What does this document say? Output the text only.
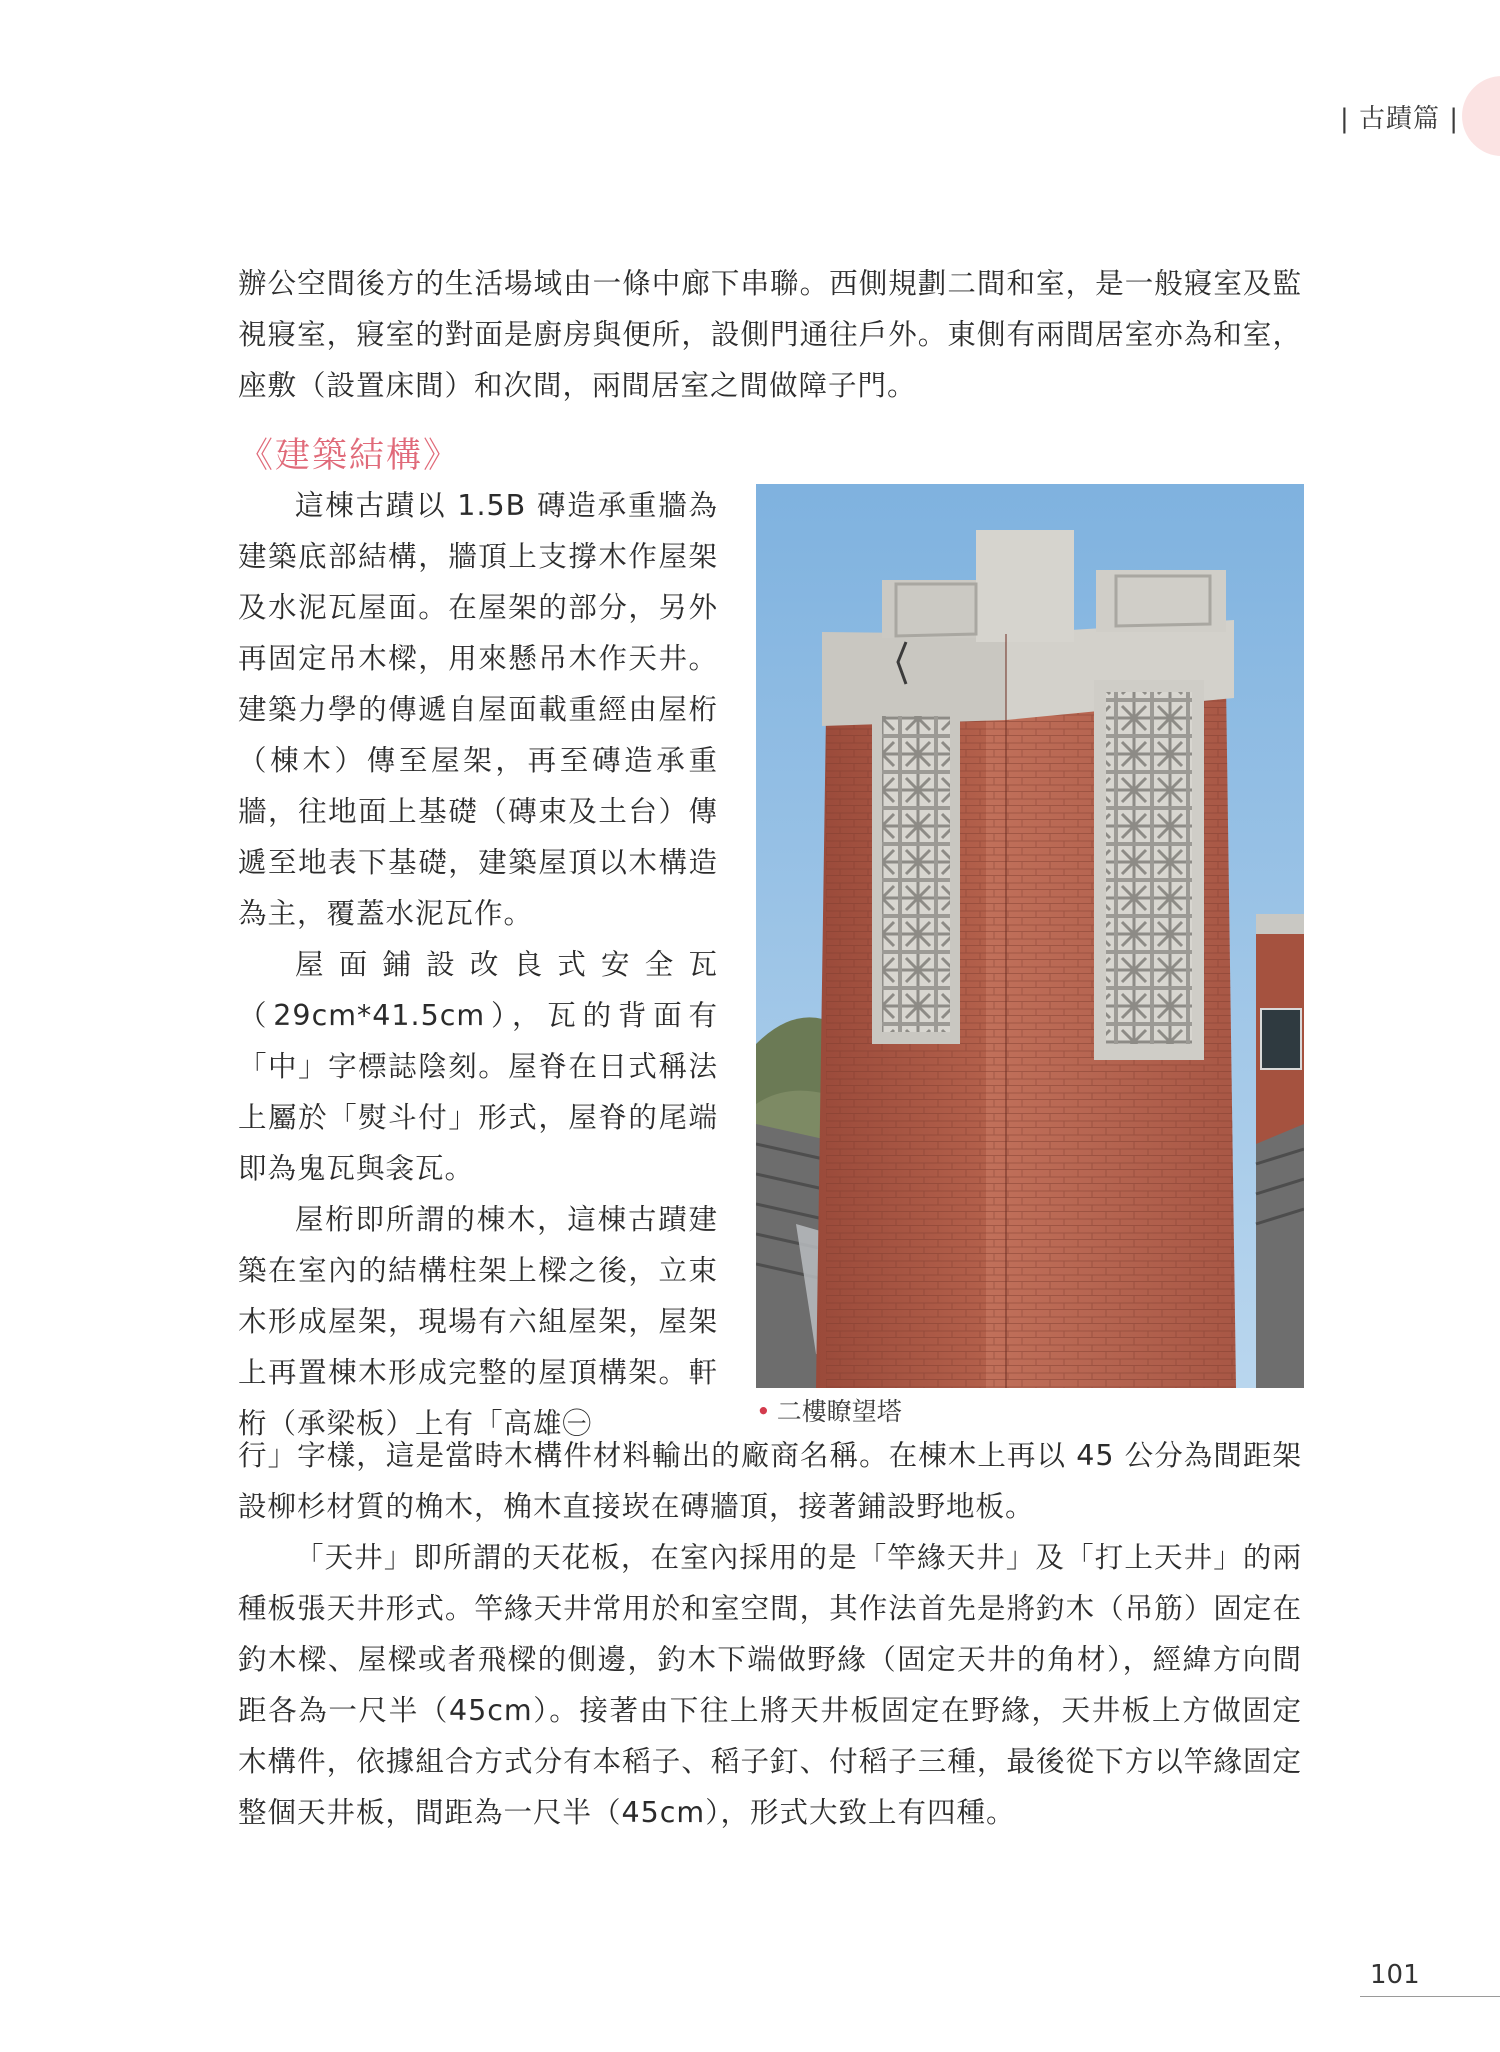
| 古蹟篇 |

辦公空間後方的生活場域由一條中廊下串聯。西側規劃二間和室，是一般寢室及監視寢室，寢室的對面是廚房與便所，設側門通往戶外。東側有兩間居室亦為和室，座敷（設置床間）和次間，兩間居室之間做障子門。

《建築結構》

這棟古蹟以 1.5B 磚造承重牆為建築底部結構，牆頂上支撐木作屋架及水泥瓦屋面。在屋架的部分，另外再固定吊木樑，用來懸吊木作天井。建築力學的傳遞自屋面載重經由屋桁（棟木）傳至屋架，再至磚造承重牆，往地面上基礎（磚束及土台）傳遞至地表下基礎，建築屋頂以木構造為主，覆蓋水泥瓦作。

屋面鋪設改良式安全瓦（29cm*41.5cm），瓦的背面有「中」字標誌陰刻。屋脊在日式稱法上屬於「熨斗付」形式，屋脊的尾端即為鬼瓦與衾瓦。

屋桁即所謂的棟木，這棟古蹟建築在室內的結構柱架上樑之後，立束木形成屋架，現場有六組屋架，屋架上再置棟木形成完整的屋頂構架。軒桁（承梁板）上有「高雄㊀	• 二樓瞭望塔

行」字樣，這是當時木構件材料輸出的廠商名稱。在棟木上再以 45 公分為間距架設柳杉材質的桷木，桷木直接崁在磚牆頂，接著鋪設野地板。

「天井」即所謂的天花板，在室內採用的是「竿緣天井」及「打上天井」的兩種板張天井形式。竿緣天井常用於和室空間，其作法首先是將釣木（吊筋）固定在釣木樑、屋樑或者飛樑的側邊，釣木下端做野緣（固定天井的角材），經緯方向間距各為一尺半（45cm）。接著由下往上將天井板固定在野緣，天井板上方做固定木構件，依據組合方式分有本稻子、稻子釘、付稻子三種，最後從下方以竿緣固定整個天井板，間距為一尺半（45cm），形式大致上有四種。

101
